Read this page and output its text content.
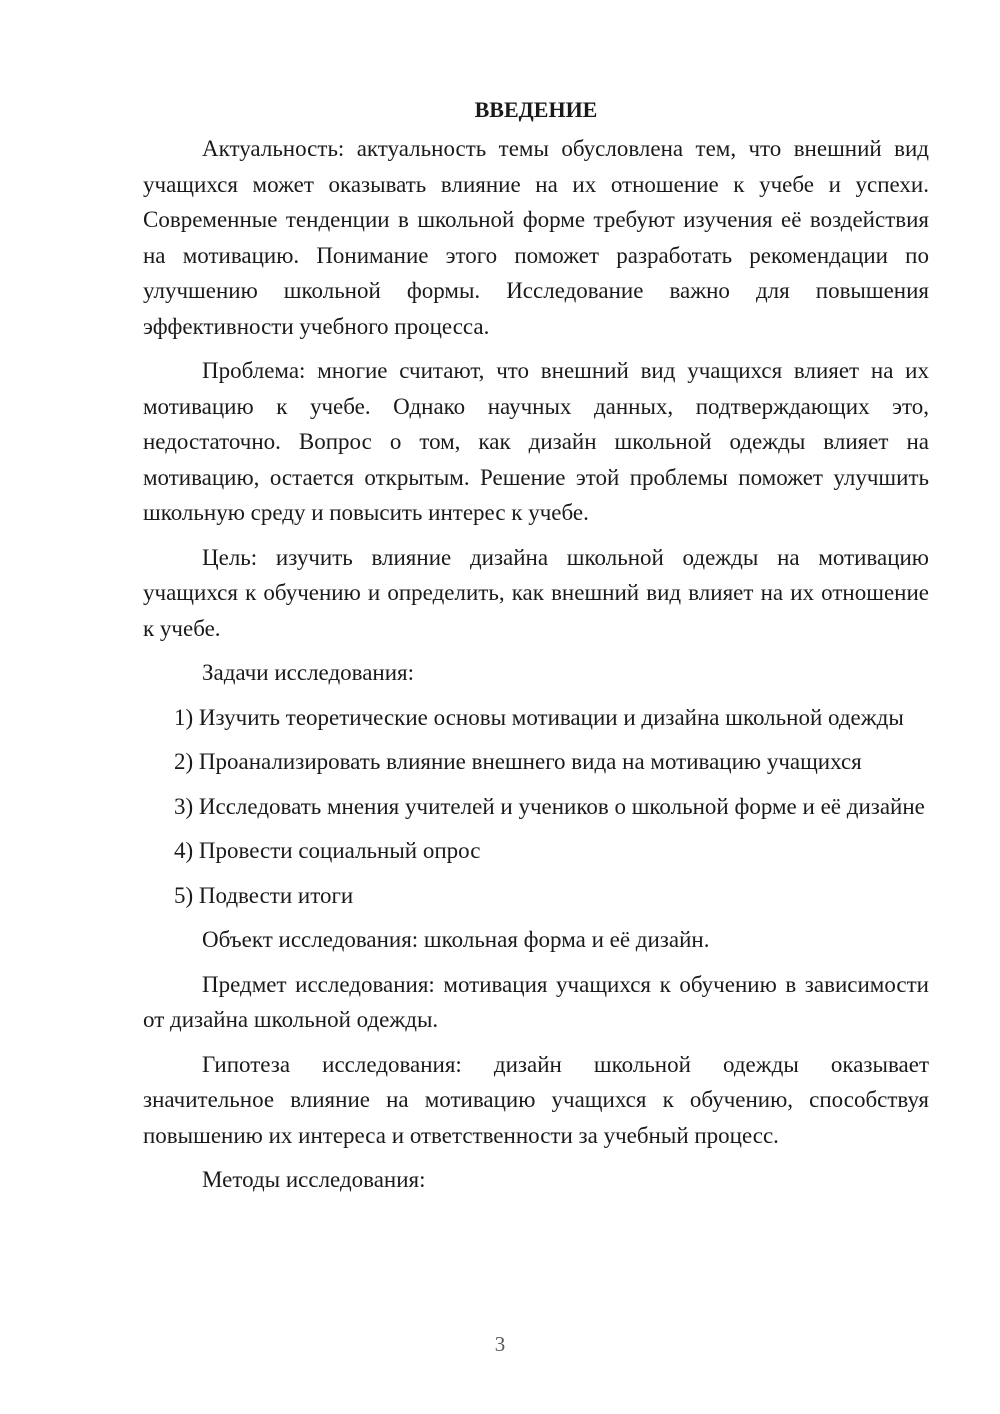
ВВЕДЕНИЕ

Актуальность: актуальность темы обусловлена тем, что внешний вид учащихся может оказывать влияние на их отношение к учебе и успехи. Современные тенденции в школьной форме требуют изучения её воздействия на мотивацию. Понимание этого поможет разработать рекомендации по улучшению школьной формы. Исследование важно для повышения эффективности учебного процесса.

Проблема: многие считают, что внешний вид учащихся влияет на их мотивацию к учебе. Однако научных данных, подтверждающих это, недостаточно. Вопрос о том, как дизайн школьной одежды влияет на мотивацию, остается открытым. Решение этой проблемы поможет улучшить школьную среду и повысить интерес к учебе.

Цель: изучить влияние дизайна школьной одежды на мотивацию учащихся к обучению и определить, как внешний вид влияет на их отношение к учебе.

Задачи исследования:

1) Изучить теоретические основы мотивации и дизайна школьной одежды

2) Проанализировать влияние внешнего вида на мотивацию учащихся

3) Исследовать мнения учителей и учеников о школьной форме и её дизайне

4) Провести социальный опрос

5) Подвести итоги

Объект исследования: школьная форма и её дизайн.

Предмет исследования: мотивация учащихся к обучению в зависимости от дизайна школьной одежды.

Гипотеза исследования: дизайн школьной одежды оказывает значительное влияние на мотивацию учащихся к обучению, способствуя повышению их интереса и ответственности за учебный процесс.

Методы исследования:

3
